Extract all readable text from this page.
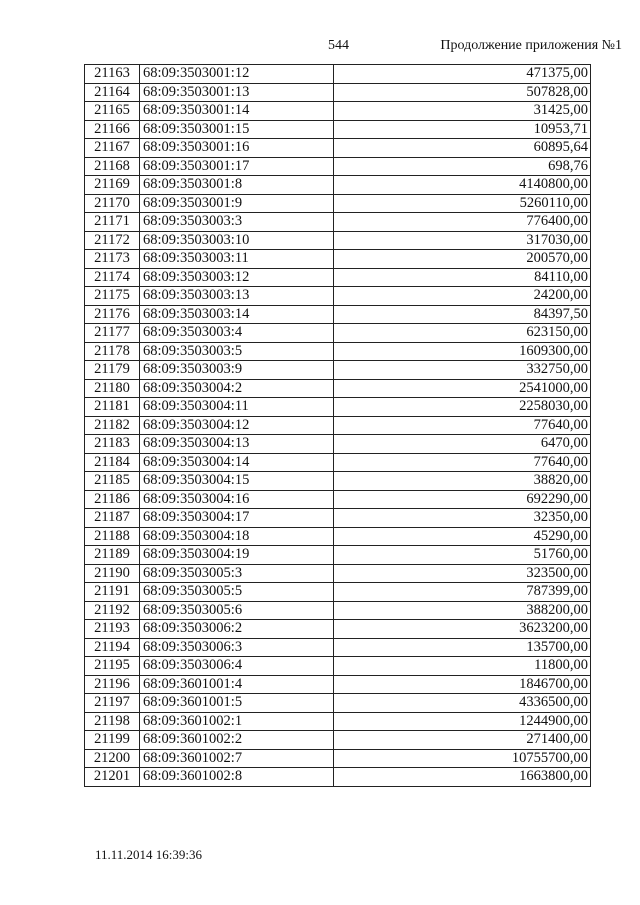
544	Продолжение приложения №1
21163	68:09:3503001:12	471375,00
21164	68:09:3503001:13	507828,00
21165	68:09:3503001:14	31425,00
21166	68:09:3503001:15	10953,71
21167	68:09:3503001:16	60895,64
21168	68:09:3503001:17	698,76
21169	68:09:3503001:8	4140800,00
21170	68:09:3503001:9	5260110,00
21171	68:09:3503003:3	776400,00
21172	68:09:3503003:10	317030,00
21173	68:09:3503003:11	200570,00
21174	68:09:3503003:12	84110,00
21175	68:09:3503003:13	24200,00
21176	68:09:3503003:14	84397,50
21177	68:09:3503003:4	623150,00
21178	68:09:3503003:5	1609300,00
21179	68:09:3503003:9	332750,00
21180	68:09:3503004:2	2541000,00
21181	68:09:3503004:11	2258030,00
21182	68:09:3503004:12	77640,00
21183	68:09:3503004:13	6470,00
21184	68:09:3503004:14	77640,00
21185	68:09:3503004:15	38820,00
21186	68:09:3503004:16	692290,00
21187	68:09:3503004:17	32350,00
21188	68:09:3503004:18	45290,00
21189	68:09:3503004:19	51760,00
21190	68:09:3503005:3	323500,00
21191	68:09:3503005:5	787399,00
21192	68:09:3503005:6	388200,00
21193	68:09:3503006:2	3623200,00
21194	68:09:3503006:3	135700,00
21195	68:09:3503006:4	11800,00
21196	68:09:3601001:4	1846700,00
21197	68:09:3601001:5	4336500,00
21198	68:09:3601002:1	1244900,00
21199	68:09:3601002:2	271400,00
21200	68:09:3601002:7	10755700,00
21201	68:09:3601002:8	1663800,00
11.11.2014 16:39:36
